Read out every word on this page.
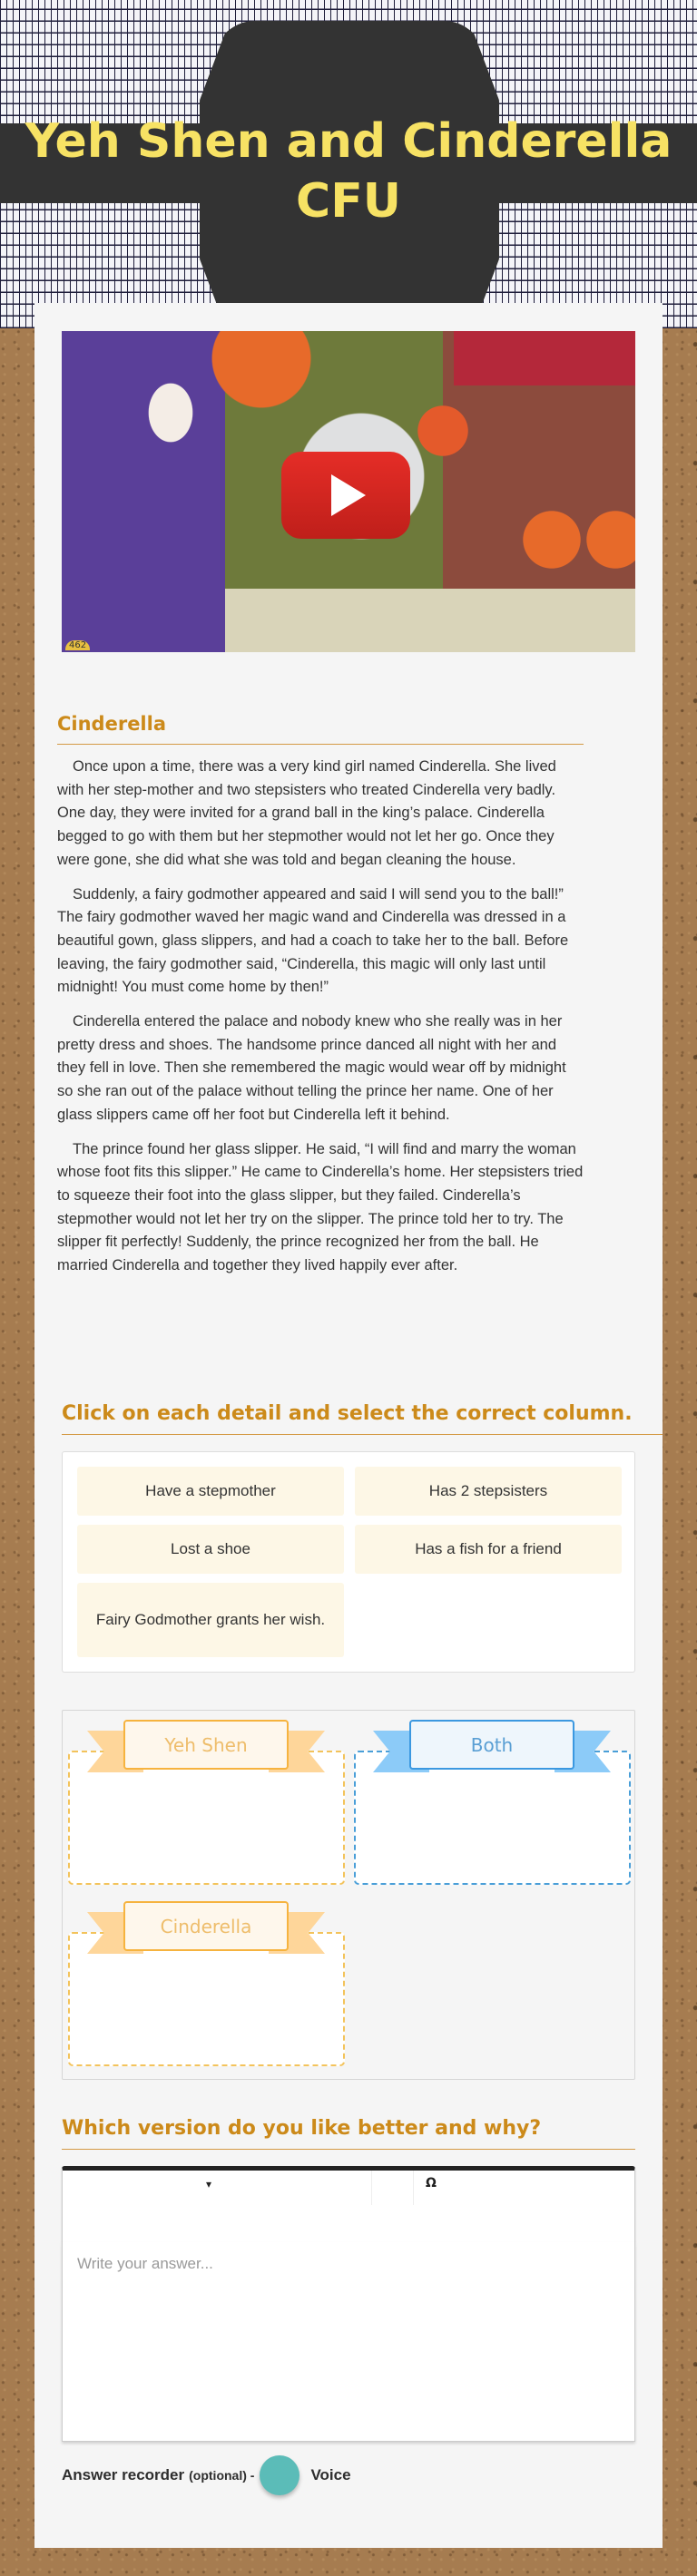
Yeh Shen and Cinderella
CFU
462
Cinderella

Once upon a time, there was a very kind girl named Cinderella. She lived with her step-mother and two stepsisters who treated Cinderella very badly. One day, they were invited for a grand ball in the king’s palace. Cinderella begged to go with them but her stepmother would not let her go. Once they were gone, she did what she was told and began cleaning the house.

Suddenly, a fairy godmother appeared and said I will send you to the ball!” The fairy godmother waved her magic wand and Cinderella was dressed in a beautiful gown, glass slippers, and had a coach to take her to the ball. Before leaving, the fairy godmother said, “Cinderella, this magic will only last until midnight! You must come home by then!”

Cinderella entered the palace and nobody knew who she really was in her pretty dress and shoes. The handsome prince danced all night with her and they fell in love. Then she remembered the magic would wear off by midnight so she ran out of the palace without telling the prince her name. One of her glass slippers came off her foot but Cinderella left it behind.

The prince found her glass slipper. He said, “I will find and marry the woman whose foot fits this slipper.” He came to Cinderella’s home. Her stepsisters tried to squeeze their foot into the glass slipper, but they failed. Cinderella’s stepmother would not let her try on the slipper. The prince told her to try. The slipper fit perfectly! Suddenly, the prince recognized her from the ball. He married Cinderella and together they lived happily ever after.

Click on each detail and select the correct column.
Have a stepmother	Has 2 stepsisters
Lost a shoe	Has a fish for a friend
Fairy Godmother grants her wish.
Yeh Shen	Both
Cinderella
Which version do you like better and why?
▾	Ω
Write your answer...
Answer recorder (optional) -	Voice
